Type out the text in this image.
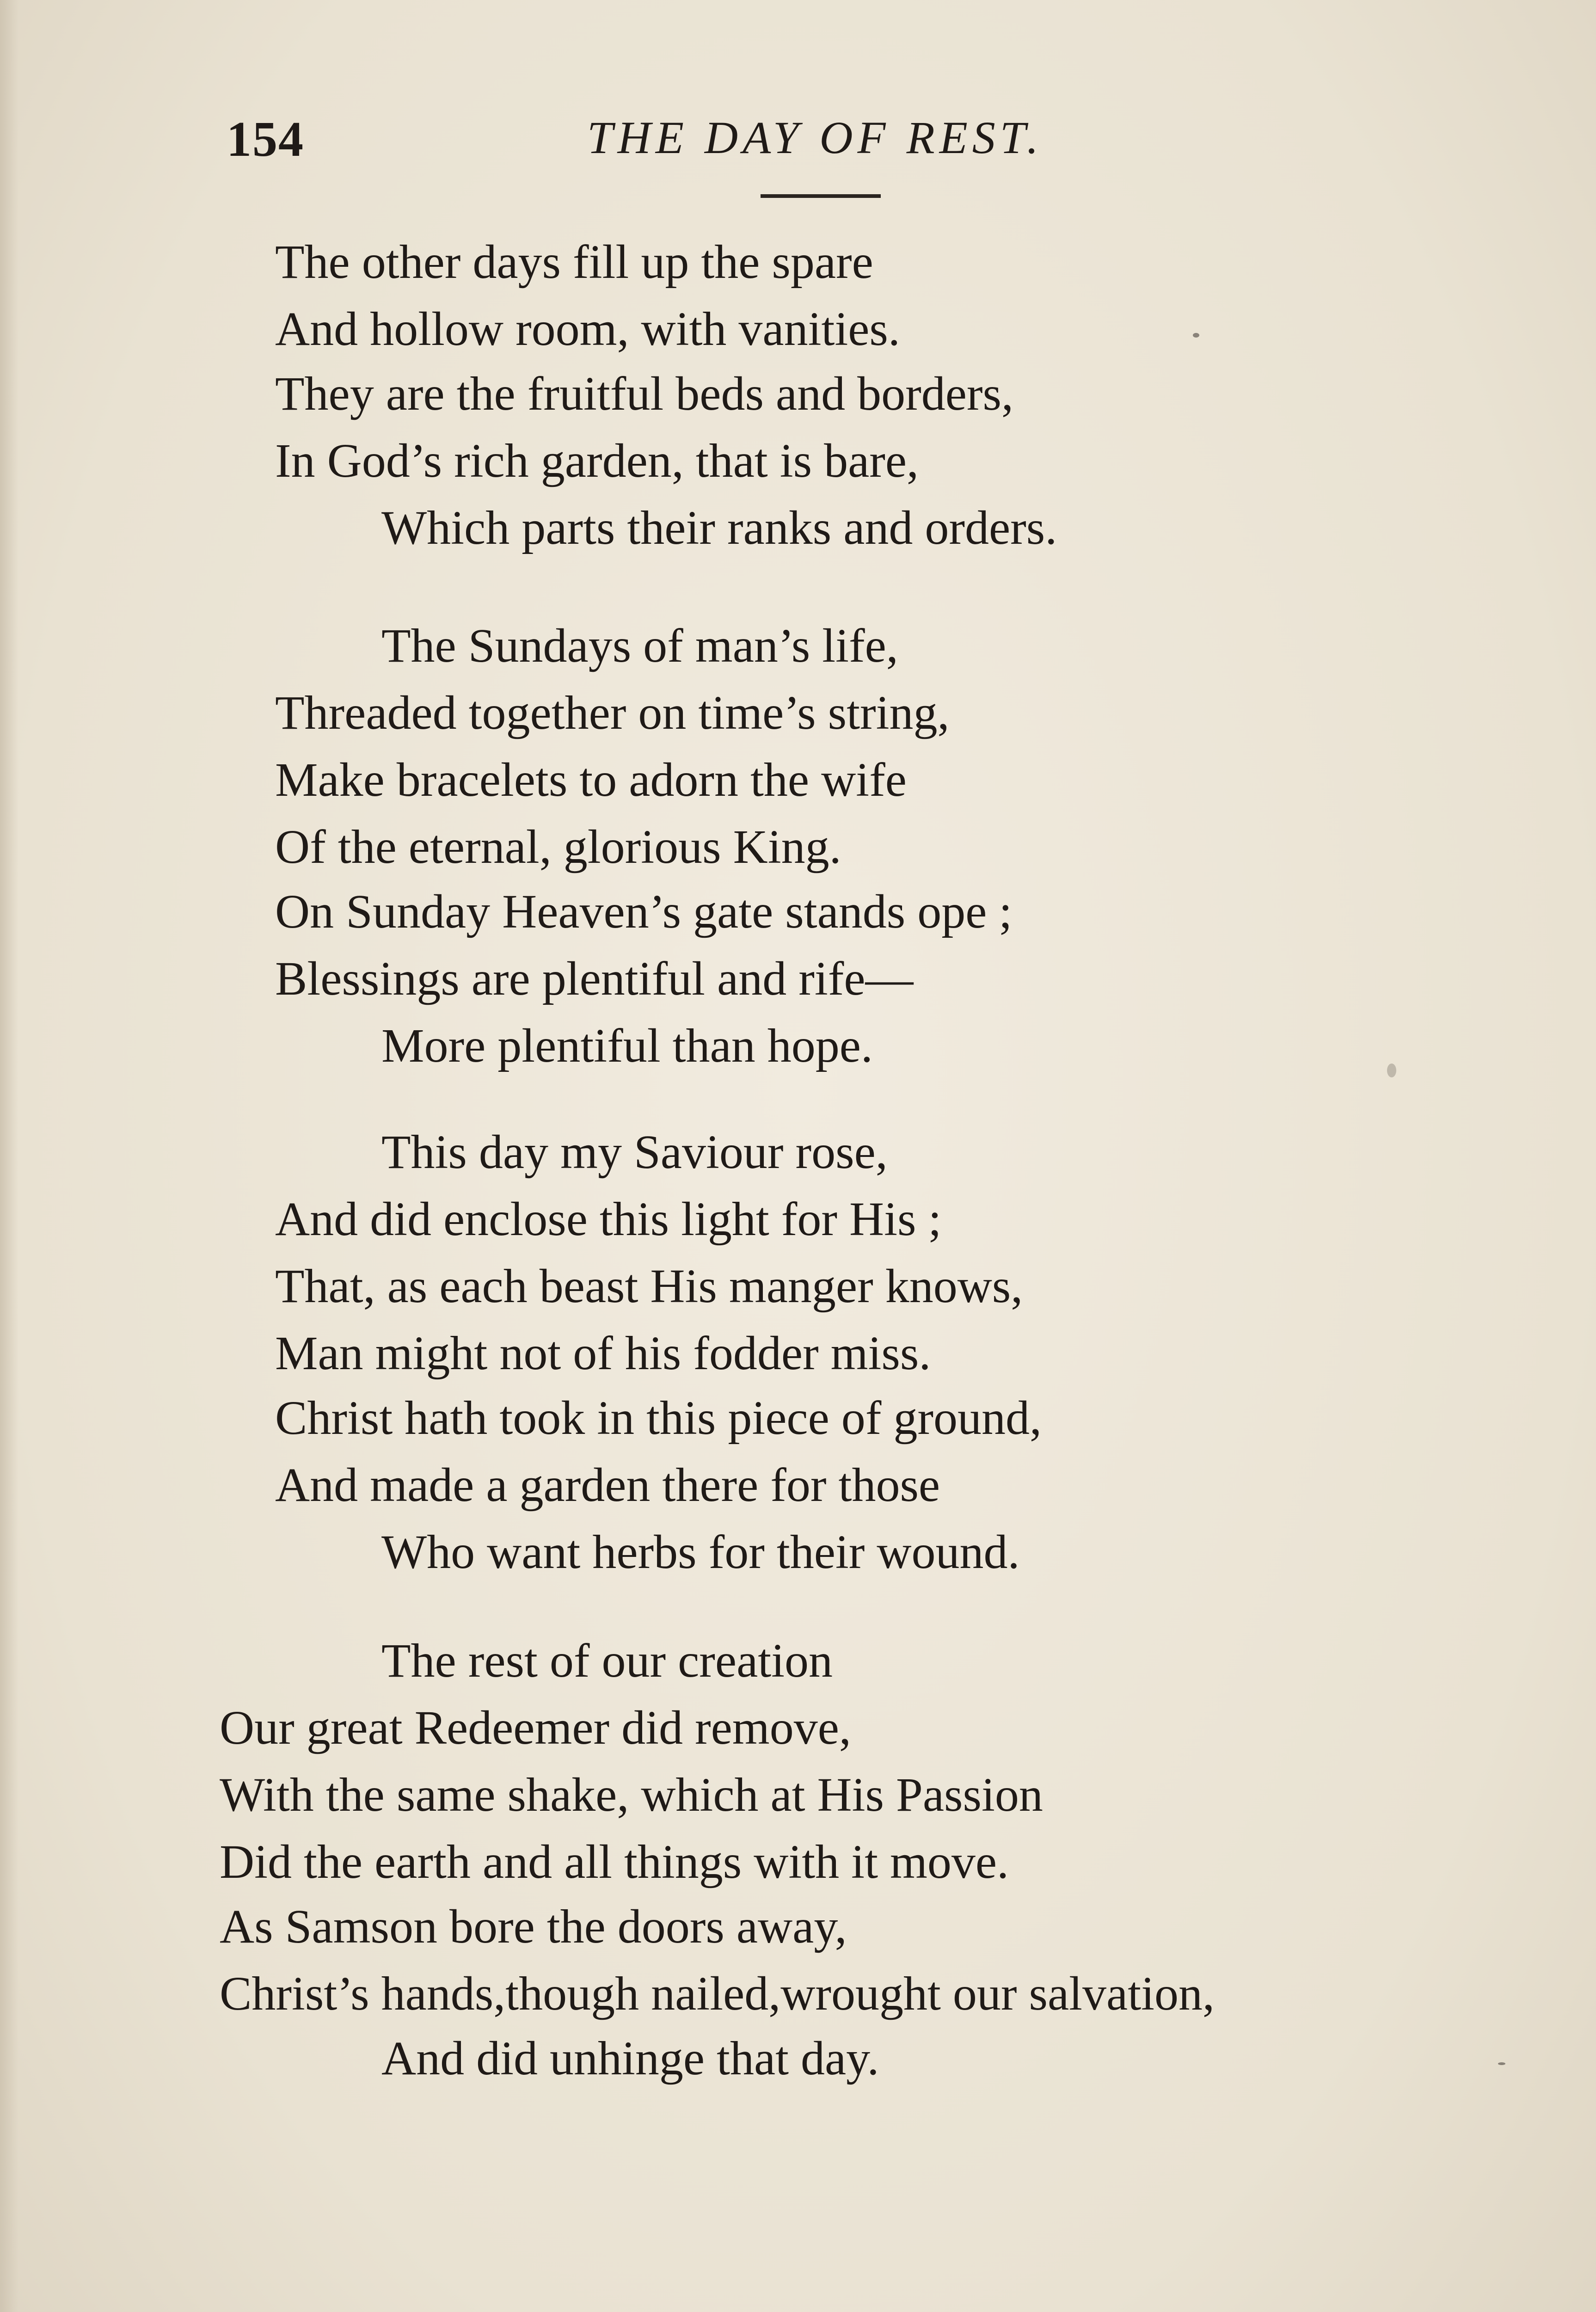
154	THE DAY OF REST.
The other days fill up the spare
And hollow room, with vanities.
They are the fruitful beds and borders,
In God’s rich garden, that is bare,
Which parts their ranks and orders.
The Sundays of man’s life,
Threaded together on time’s string,
Make bracelets to adorn the wife
Of the eternal, glorious King.
On Sunday Heaven’s gate stands ope ;
Blessings are plentiful and rife—
More plentiful than hope.
This day my Saviour rose,
And did enclose this light for His ;
That, as each beast His manger knows,
Man might not of his fodder miss.
Christ hath took in this piece of ground,
And made a garden there for those
Who want herbs for their wound.
The rest of our creation
Our great Redeemer did remove,
With the same shake, which at His Passion
Did the earth and all things with it move.
As Samson bore the doors away,
Christ’s hands,though nailed,wrought our salvation,
And did unhinge that day.
